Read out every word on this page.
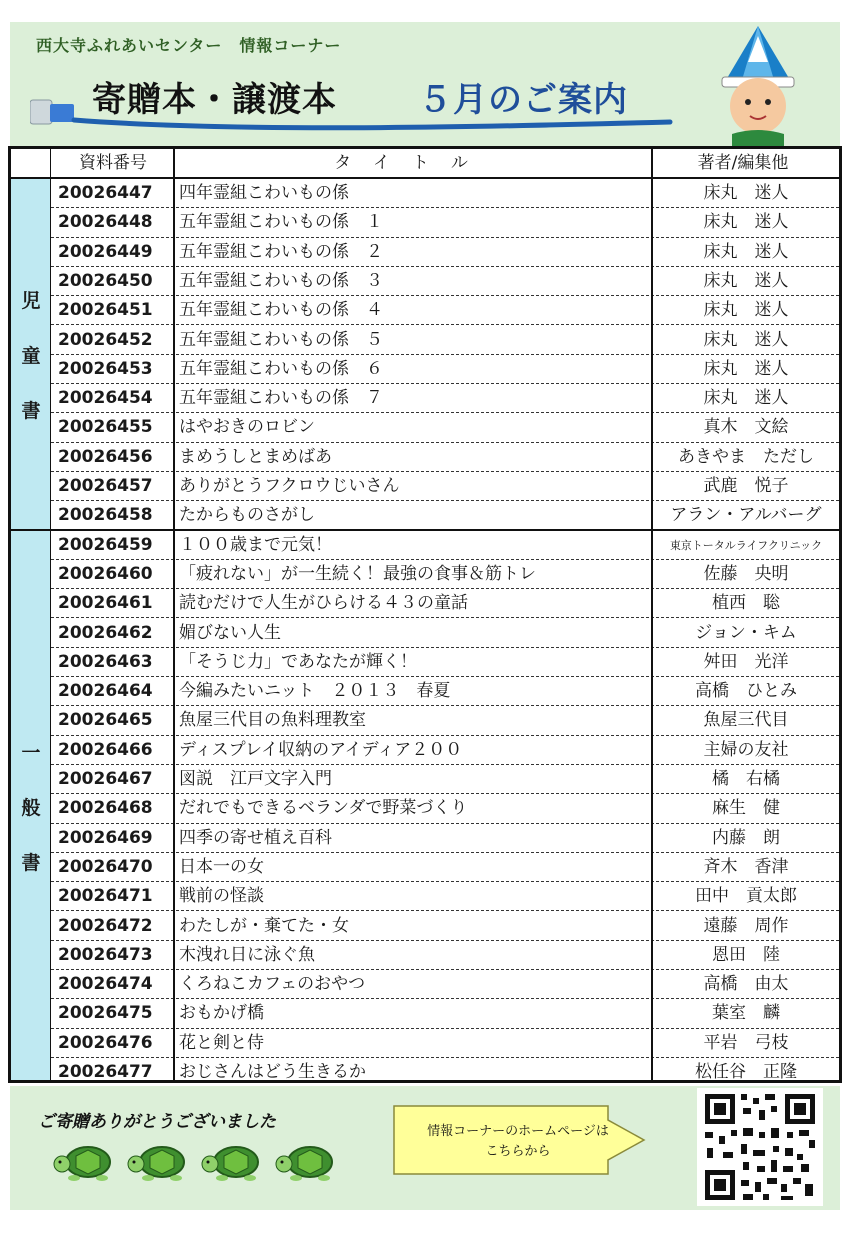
西大寺ふれあいセンター　情報コーナー
寄贈本・譲渡本 ５月のご案内
児
童
書
一
般
書
資料番号	タイトル	著者/編集他
20026447	四年霊組こわいもの係	床丸　迷人
20026448	五年霊組こわいもの係　１	床丸　迷人
20026449	五年霊組こわいもの係　２	床丸　迷人
20026450	五年霊組こわいもの係　３	床丸　迷人
20026451	五年霊組こわいもの係　４	床丸　迷人
20026452	五年霊組こわいもの係　５	床丸　迷人
20026453	五年霊組こわいもの係　６	床丸　迷人
20026454	五年霊組こわいもの係　７	床丸　迷人
20026455	はやおきのロビン	真木　文絵
20026456	まめうしとまめばあ	あきやま　ただし
20026457	ありがとうフクロウじいさん	武鹿　悦子
20026458	たからものさがし	アラン・アルバーグ
20026459	１００歳まで元気！	東京トータルライフクリニック
20026460	「疲れない」が一生続く！最強の食事＆筋トレ	佐藤　央明
20026461	読むだけで人生がひらける４３の童話	植西　聡
20026462	媚びない人生	ジョン・キム
20026463	「そうじ力」であなたが輝く！	舛田　光洋
20026464	今編みたいニット　２０１３　春夏	高橋　ひとみ
20026465	魚屋三代目の魚料理教室	魚屋三代目
20026466	ディスプレイ収納のアイディア２００	主婦の友社
20026467	図説　江戸文字入門	橘　右橘
20026468	だれでもできるベランダで野菜づくり	麻生　健
20026469	四季の寄せ植え百科	内藤　朗
20026470	日本一の女	斉木　香津
20026471	戦前の怪談	田中　貢太郎
20026472	わたしが・棄てた・女	遠藤　周作
20026473	木洩れ日に泳ぐ魚	恩田　陸
20026474	くろねこカフェのおやつ	高橋　由太
20026475	おもかげ橋	葉室　麟
20026476	花と剣と侍	平岩　弓枝
20026477	おじさんはどう生きるか	松任谷　正隆
ご寄贈ありがとうございました	情報コーナーのホームページは
こちらから
